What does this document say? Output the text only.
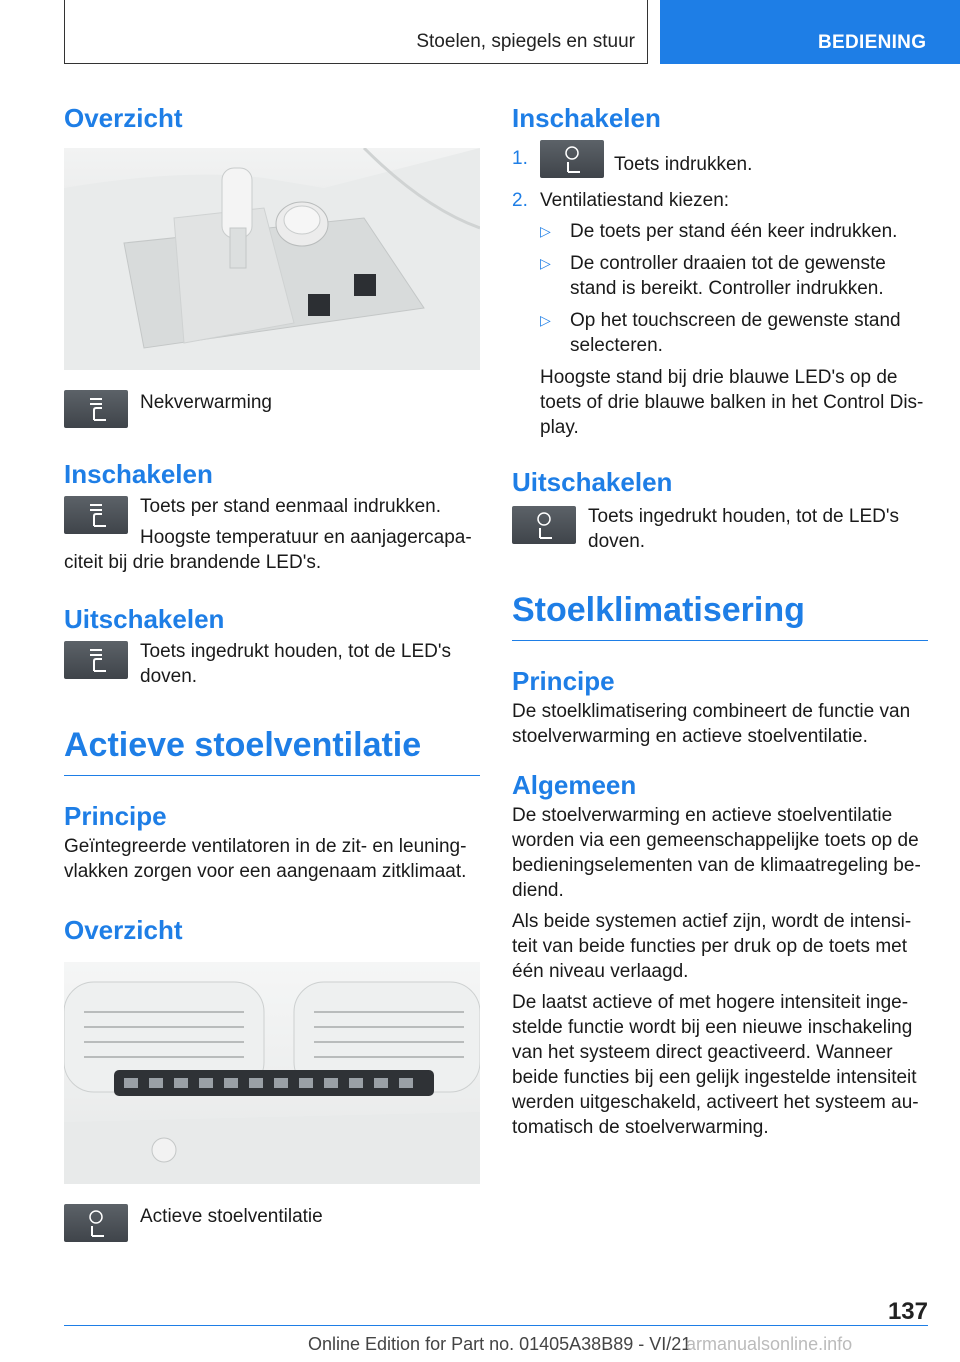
Stoelen, spiegels en stuur	BEDIENING
Overzicht
Nekverwarming
Inschakelen

Toets per stand eenmaal indrukken.

Hoogste temperatuur en aanjagercapa-citeit bij drie brandende LED's.

Uitschakelen

Toets ingedrukt houden, tot de LED's doven.

Actieve stoelventilatie
Principe

Geïntegreerde ventilatoren in de zit- en leuning-vlakken zorgen voor een aangenaam zitklimaat.

Overzicht
Actieve stoelventilatie
Inschakelen
1.	Toets indrukken.
2. Ventilatiestand kiezen:
▷ De toets per stand één keer indrukken.
▷ De controller draaien tot de gewenste stand is bereikt. Controller indrukken.
▷ Op het touchscreen de gewenste stand selecteren.

Hoogste stand bij drie blauwe LED's op de toets of drie blauwe balken in het Control Dis-play.

Uitschakelen

Toets ingedrukt houden, tot de LED's doven.

Stoelklimatisering
Principe

De stoelklimatisering combineert de functie van stoelverwarming en actieve stoelventilatie.

Algemeen

De stoelverwarming en actieve stoelventilatie worden via een gemeenschappelijke toets op de bedieningselementen van de klimaatregeling be-diend.

Als beide systemen actief zijn, wordt de intensi-teit van beide functies per druk op de toets met één niveau verlaagd.

De laatst actieve of met hogere intensiteit inge-stelde functie wordt bij een nieuwe inschakeling van het systeem direct geactiveerd. Wanneer beide functies bij een gelijk ingestelde intensiteit werden uitgeschakeld, activeert het systeem au-tomatisch de stoelverwarming.

137
Online Edition for Part no. 01405A38B89 - VI/21
armanualsonline.info
